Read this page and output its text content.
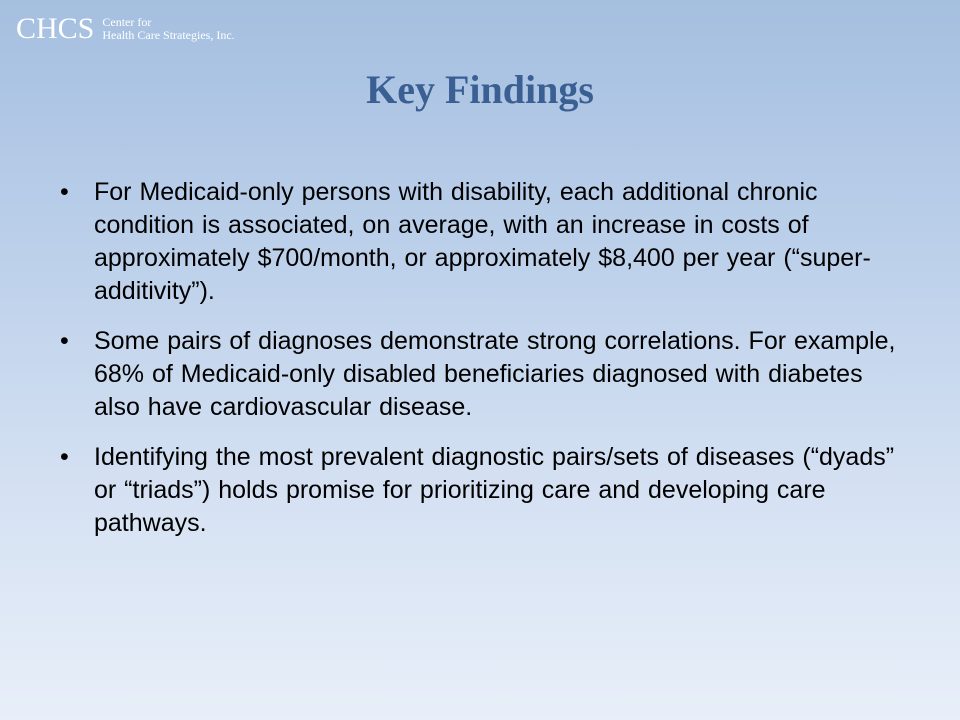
CHCS Center for
Health Care Strategies, Inc.
Key Findings
• For Medicaid-only persons with disability, each additional chronic condition is associated, on average, with an increase in costs of approximately $700/month, or approximately $8,400 per year (“super-additivity”).
• Some pairs of diagnoses demonstrate strong correlations. For example, 68% of Medicaid-only disabled beneficiaries diagnosed with diabetes also have cardiovascular disease.
• Identifying the most prevalent diagnostic pairs/sets of diseases (“dyads” or “triads”) holds promise for prioritizing care and developing care pathways.
